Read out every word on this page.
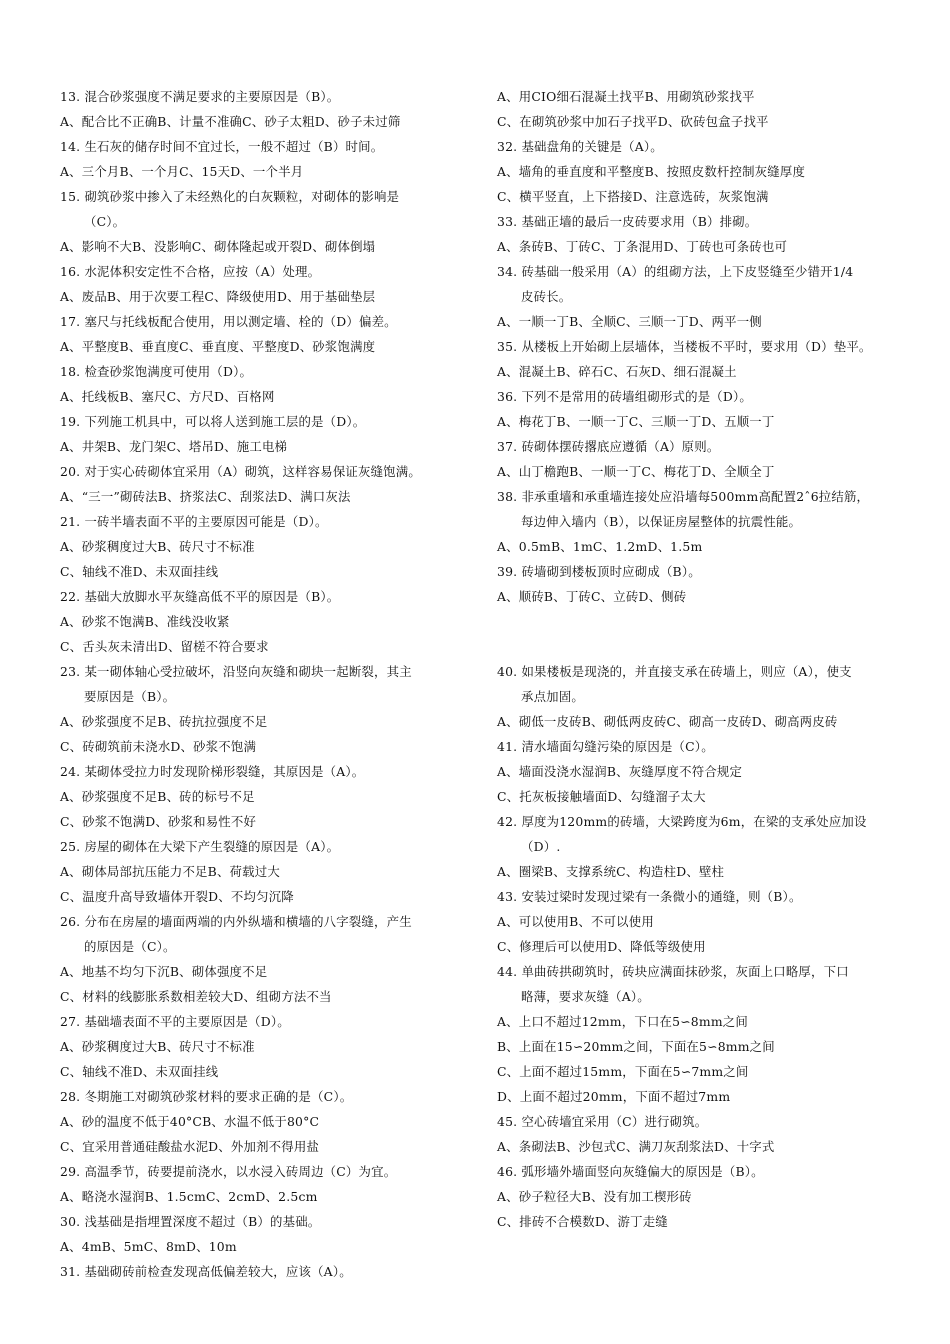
13. 混合砂浆强度不满足要求的主要原因是（B）。
A、配合比不正确B、计量不准确C、砂子太粗D、砂子未过筛
14. 生石灰的储存时间不宜过长，一般不超过（B）时间。
A、三个月B、一个月C、15天D、一个半月
15. 砌筑砂浆中掺入了未经熟化的白灰颗粒，对砌体的影响是
（C）。
A、影响不大B、没影响C、砌体隆起或开裂D、砌体倒塌
16. 水泥体积安定性不合格，应按（A）处理。
A、废品B、用于次要工程C、降级使用D、用于基础垫层
17. 塞尺与托线板配合使用，用以测定墙、栓的（D）偏差。
A、平整度B、垂直度C、垂直度、平整度D、砂浆饱满度
18. 检查砂浆饱满度可使用（D）。
A、托线板B、塞尺C、方尺D、百格网
19. 下列施工机具中，可以将人送到施工层的是（D）。
A、井架B、龙门架C、塔吊D、施工电梯
20. 对于实心砖砌体宜采用（A）砌筑，这样容易保证灰缝饱满。
A、“三一”砌砖法B、挤浆法C、刮浆法D、满口灰法
21. 一砖半墙表面不平的主要原因可能是（D）。
A、砂浆稠度过大B、砖尺寸不标准
C、轴线不准D、未双面挂线
22. 基础大放脚水平灰缝高低不平的原因是（B）。
A、砂浆不饱满B、准线没收紧
C、舌头灰未清出D、留槎不符合要求
23. 某一砌体轴心受拉破坏，沿竖向灰缝和砌块一起断裂，其主
要原因是（B）。
A、砂浆强度不足B、砖抗拉强度不足
C、砖砌筑前未浇水D、砂浆不饱满
24. 某砌体受拉力时发现阶梯形裂缝，其原因是（A）。
A、砂浆强度不足B、砖的标号不足
C、砂浆不饱满D、砂浆和易性不好
25. 房屋的砌体在大梁下产生裂缝的原因是（A）。
A、砌体局部抗压能力不足B、荷载过大
C、温度升高导致墙体开裂D、不均匀沉降
26. 分布在房屋的墙面两端的内外纵墙和横墙的八字裂缝，产生
的原因是（C）。
A、地基不均匀下沉B、砌体强度不足
C、材料的线膨胀系数相差较大D、组砌方法不当
27. 基础墙表面不平的主要原因是（D）。
A、砂浆稠度过大B、砖尺寸不标准
C、轴线不准D、未双面挂线
28. 冬期施工对砌筑砂浆材料的要求正确的是（C）。
A、砂的温度不低于40°CB、水温不低于80°C
C、宜采用普通硅酸盐水泥D、外加剂不得用盐
29. 高温季节，砖要提前浇水，以水浸入砖周边（C）为宜。
A、略浇水湿润B、1.5cmC、2cmD、2.5cm
30. 浅基础是指埋置深度不超过（B）的基础。
A、4mB、5mC、8mD、10m
31. 基础砌砖前检查发现高低偏差较大，应该（A）。
A、用CIO细石混凝土找平B、用砌筑砂浆找平
C、在砌筑砂浆中加石子找平D、砍砖包盒子找平
32. 基础盘角的关键是（A）。
A、墙角的垂直度和平整度B、按照皮数杆控制灰缝厚度
C、横平竖直，上下搭接D、注意选砖，灰浆饱满
33. 基础正墙的最后一皮砖要求用（B）排砌。
A、条砖B、丁砖C、丁条混用D、丁砖也可条砖也可
34. 砖基础一般采用（A）的组砌方法，上下皮竖缝至少错开1/4
皮砖长。
A、一顺一丁B、全顺C、三顺一丁D、两平一侧
35. 从楼板上开始砌上层墙体，当楼板不平时，要求用（D）垫平。
A、混凝土B、碎石C、石灰D、细石混凝土
36. 下列不是常用的砖墙组砌形式的是（D）。
A、梅花丁B、一顺一丁C、三顺一丁D、五顺一丁
37. 砖砌体摆砖撂底应遵循（A）原则。
A、山丁檐跑B、一顺一丁C、梅花丁D、全顺全丁
38. 非承重墙和承重墙连接处应沿墙每500mm高配置2ˆ6拉结筋，
每边伸入墙内（B），以保证房屋整体的抗震性能。
A、0.5mB、1mC、1.2mD、1.5m
39. 砖墙砌到楼板顶时应砌成（B）。
A、顺砖B、丁砖C、立砖D、侧砖
40. 如果楼板是现浇的，并直接支承在砖墙上，则应（A），使支
承点加固。
A、砌低一皮砖B、砌低两皮砖C、砌高一皮砖D、砌高两皮砖
41. 清水墙面勾缝污染的原因是（C）。
A、墙面没浇水湿润B、灰缝厚度不符合规定
C、托灰板接触墙面D、勾缝溜子太大
42. 厚度为120mm的砖墙，大梁跨度为6m，在梁的支承处应加设
（D）.
A、圈梁B、支撑系统C、构造柱D、壁柱
43. 安装过梁时发现过梁有一条微小的通缝，则（B）。
A、可以使用B、不可以使用
C、修理后可以使用D、降低等级使用
44. 单曲砖拱砌筑时，砖块应满面抹砂浆，灰面上口略厚，下口
略薄，要求灰缝（A）。
A、上口不超过12mm，下口在5∽8mm之间
B、上面在15∽20mm之间，下面在5∽8mm之间
C、上面不超过15mm，下面在5∽7mm之间
D、上面不超过20mm，下面不超过7mm
45. 空心砖墙宜采用（C）进行砌筑。
A、条砌法B、沙包式C、满刀灰刮浆法D、十字式
46. 弧形墙外墙面竖向灰缝偏大的原因是（B）。
A、砂子粒径大B、没有加工楔形砖
C、排砖不合模数D、游丁走缝
